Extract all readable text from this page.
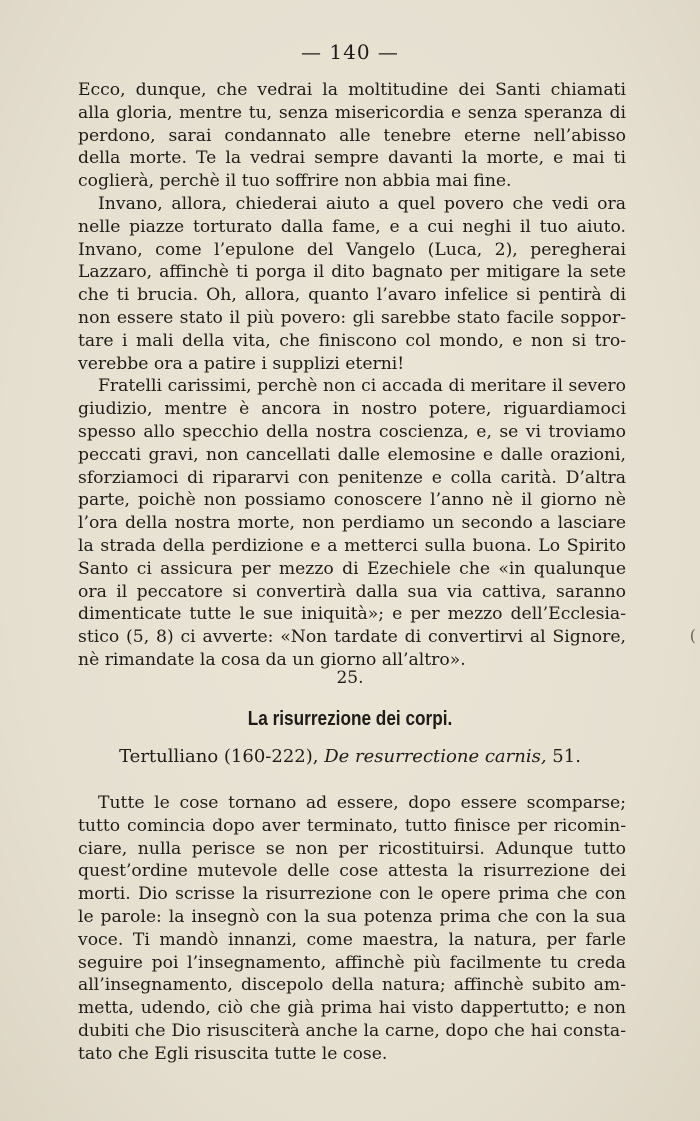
— 140 —

Ecco, dunque, che vedrai la moltitudine dei Santi chiamati alla gloria, mentre tu, senza misericordia e senza speranza di perdono, sarai condannato alle tenebre eterne nell’abisso della morte. Te la vedrai sempre davanti la morte, e mai ti coglierà, perchè il tuo soffrire non abbia mai fine.

Invano, allora, chiederai aiuto a quel povero che vedi ora nelle piazze torturato dalla fame, e a cui neghi il tuo aiuto. Invano, come l’epulone del Vangelo (Luca, 2), peregherai Lazzaro, affinchè ti porga il dito bagnato per mitigare la sete che ti brucia. Oh, allora, quanto l’avaro infelice si pentirà di non essere stato il più povero: gli sarebbe stato facile sopportare i mali della vita, che finiscono col mondo, e non si troverebbe ora a patire i supplizi eterni!

Fratelli carissimi, perchè non ci accada di meritare il severo giudizio, mentre è ancora in nostro potere, riguardiamoci spesso allo specchio della nostra coscienza, e, se vi troviamo peccati gravi, non cancellati dalle elemosine e dalle orazioni, sforziamoci di ripararvi con penitenze e colla carità. D’altra parte, poichè non possiamo conoscere l’anno nè il giorno nè l’ora della nostra morte, non perdiamo un secondo a lasciare la strada della perdizione e a metterci sulla buona. Lo Spirito Santo ci assicura per mezzo di Ezechiele che «in qualunque ora il peccatore si convertirà dalla sua via cattiva, saranno dimenticate tutte le sue iniquità»; e per mezzo dell’Ecclesiastico (5, 8) ci avverte: «Non tardate di convertirvi al Signore, nè rimandate la cosa da un giorno all’altro».

(
25.
La risurrezione dei corpi.
Tertulliano (160-222), De resurrectione carnis, 51.

Tutte le cose tornano ad essere, dopo essere scomparse; tutto comincia dopo aver terminato, tutto finisce per ricominciare, nulla perisce se non per ricostituirsi. Adunque tutto quest’ordine mutevole delle cose attesta la risurrezione dei morti. Dio scrisse la risurrezione con le opere prima che con le parole: la insegnò con la sua potenza prima che con la sua voce. Ti mandò innanzi, come maestra, la natura, per farle seguire poi l’insegnamento, affinchè più facilmente tu creda all’insegnamento, discepolo della natura; affinchè subito ammetta, udendo, ciò che già prima hai visto dappertutto; e non dubiti che Dio risusciterà anche la carne, dopo che hai constatato che Egli risuscita tutte le cose.
